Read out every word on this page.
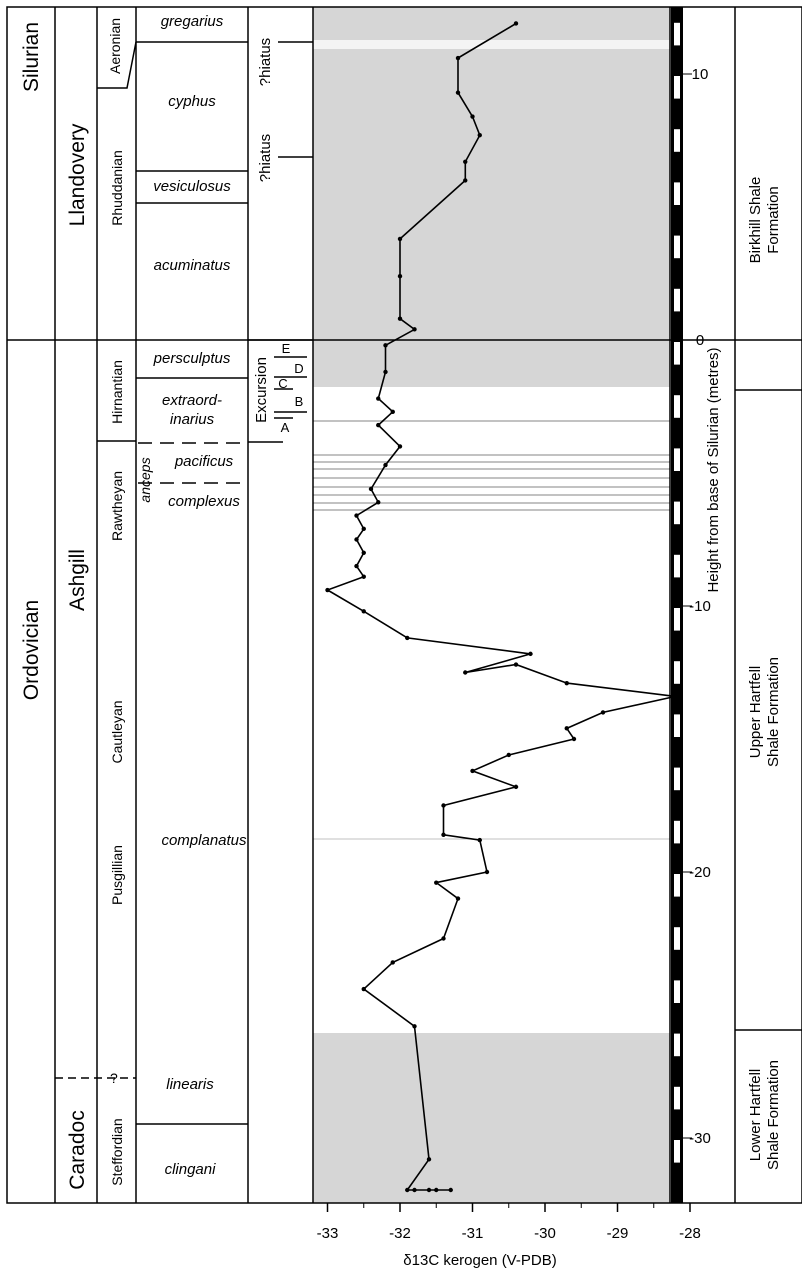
Silurian
Ordovician
Llandovery
Ashgill
Caradoc
Aeronian
Rhuddanian
Hirnantian
Rawtheyan
Cautleyan
Pusgillian
Steffordian
?
gregarius
cyphus
vesiculosus
acuminatus
persculptus
extraord-
inarius
pacificus
complexus
complanatus
linearis
clingani
anceps
?hiatus
?hiatus
Excursion
E
D
C
B
A
Birkhill Shale Formation
Upper Hartfell Shale Formation
Lower Hartfell Shale Formation
Height from base of Silurian (metres)
δ13C kerogen (V-PDB)
-33	-32	-31	-30	-29	-28
10
0
-10
-20
-30
